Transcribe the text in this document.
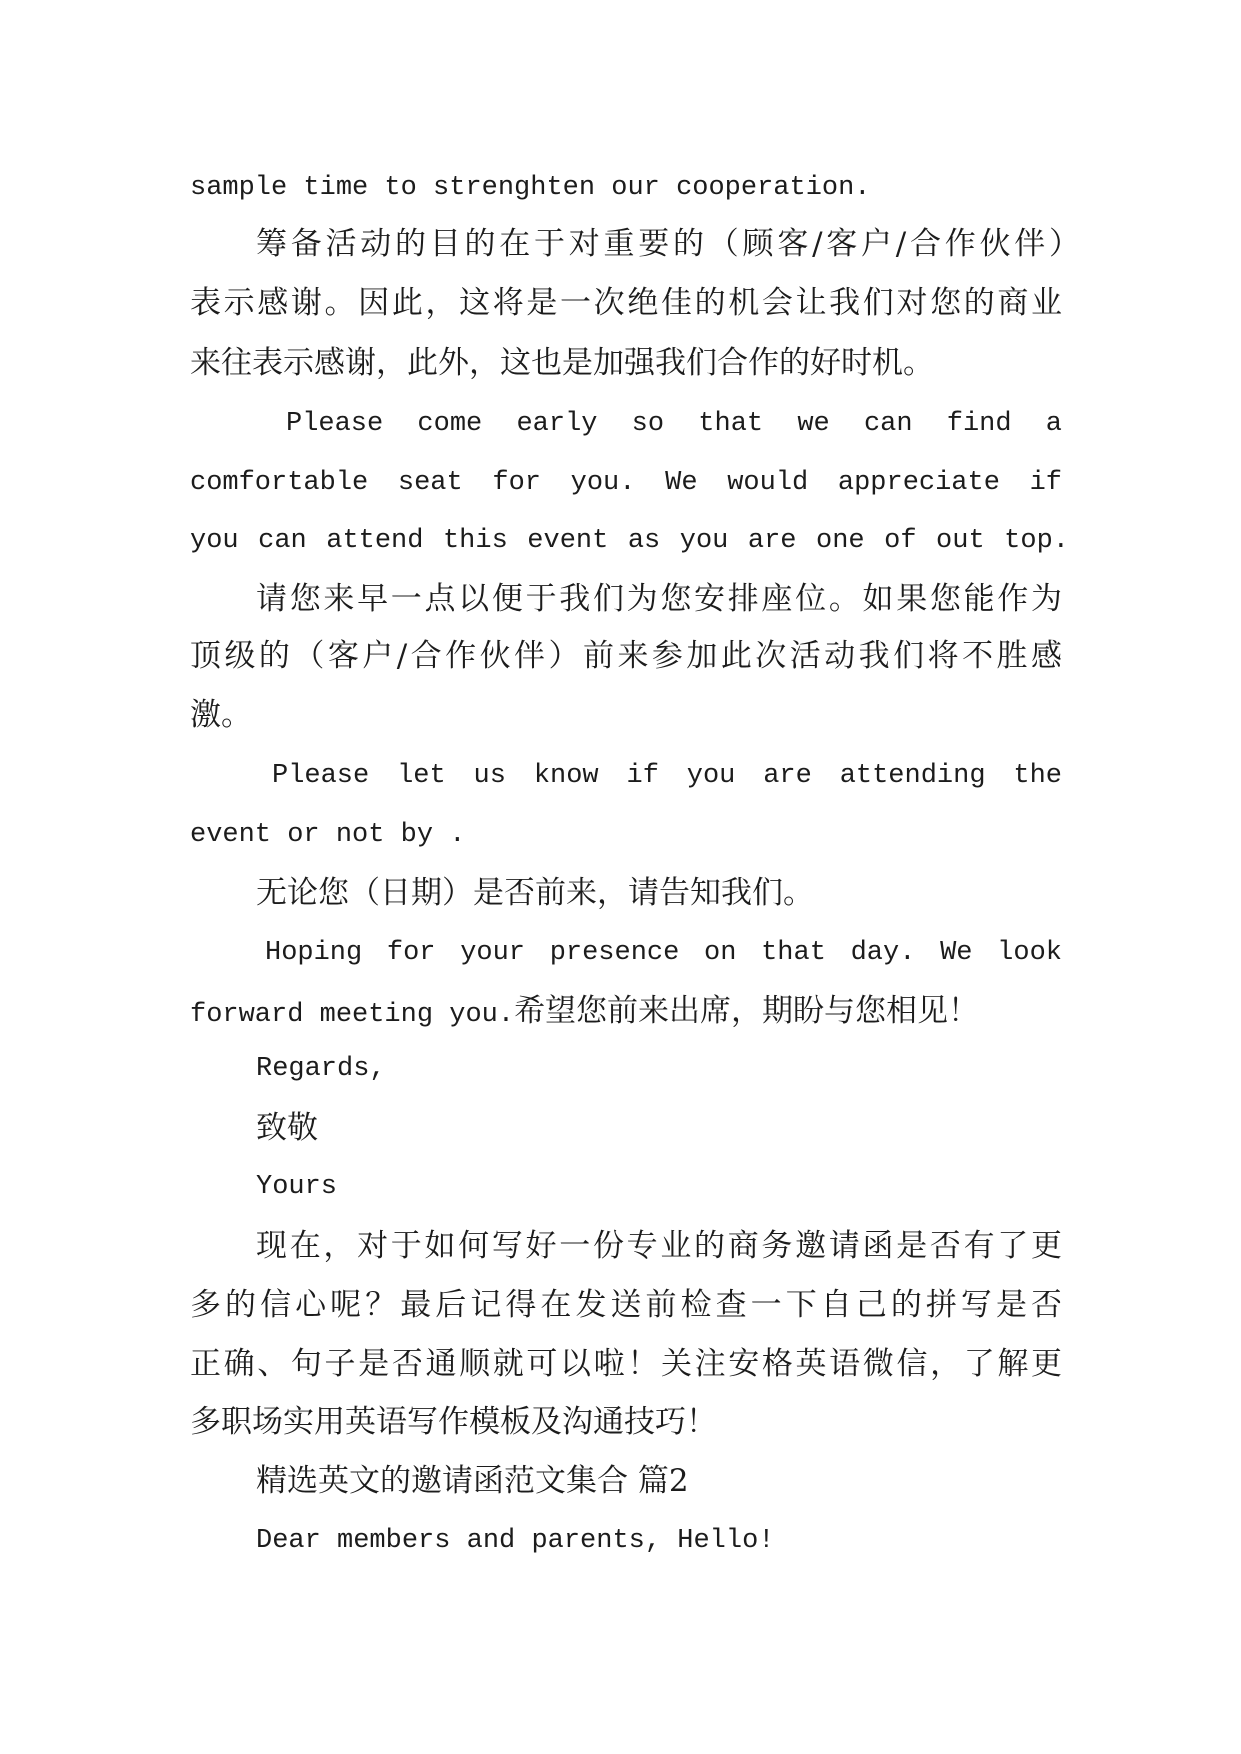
sample time to strenghten our cooperation.
筹备活动的目的在于对重要的（顾客/客户/合作伙伴）
表示感谢。因此，这将是一次绝佳的机会让我们对您的商业
来往表示感谢，此外，这也是加强我们合作的好时机。
Please come early so that we can find a
comfortable seat for you. We would appreciate if
you can attend this event as you are one of out top.
请您来早一点以便于我们为您安排座位。如果您能作为
顶级的（客户/合作伙伴）前来参加此次活动我们将不胜感
激。
Please let us know if you are attending the
event or not by .
无论您（日期）是否前来，请告知我们。
Hoping for your presence on that day. We look
forward meeting you.希望您前来出席，期盼与您相见！
Regards,
致敬
Yours
现在，对于如何写好一份专业的商务邀请函是否有了更
多的信心呢？最后记得在发送前检查一下自己的拼写是否
正确、句子是否通顺就可以啦！关注安格英语微信，了解更
多职场实用英语写作模板及沟通技巧！
精选英文的邀请函范文集合 篇2
Dear members and parents, Hello!
